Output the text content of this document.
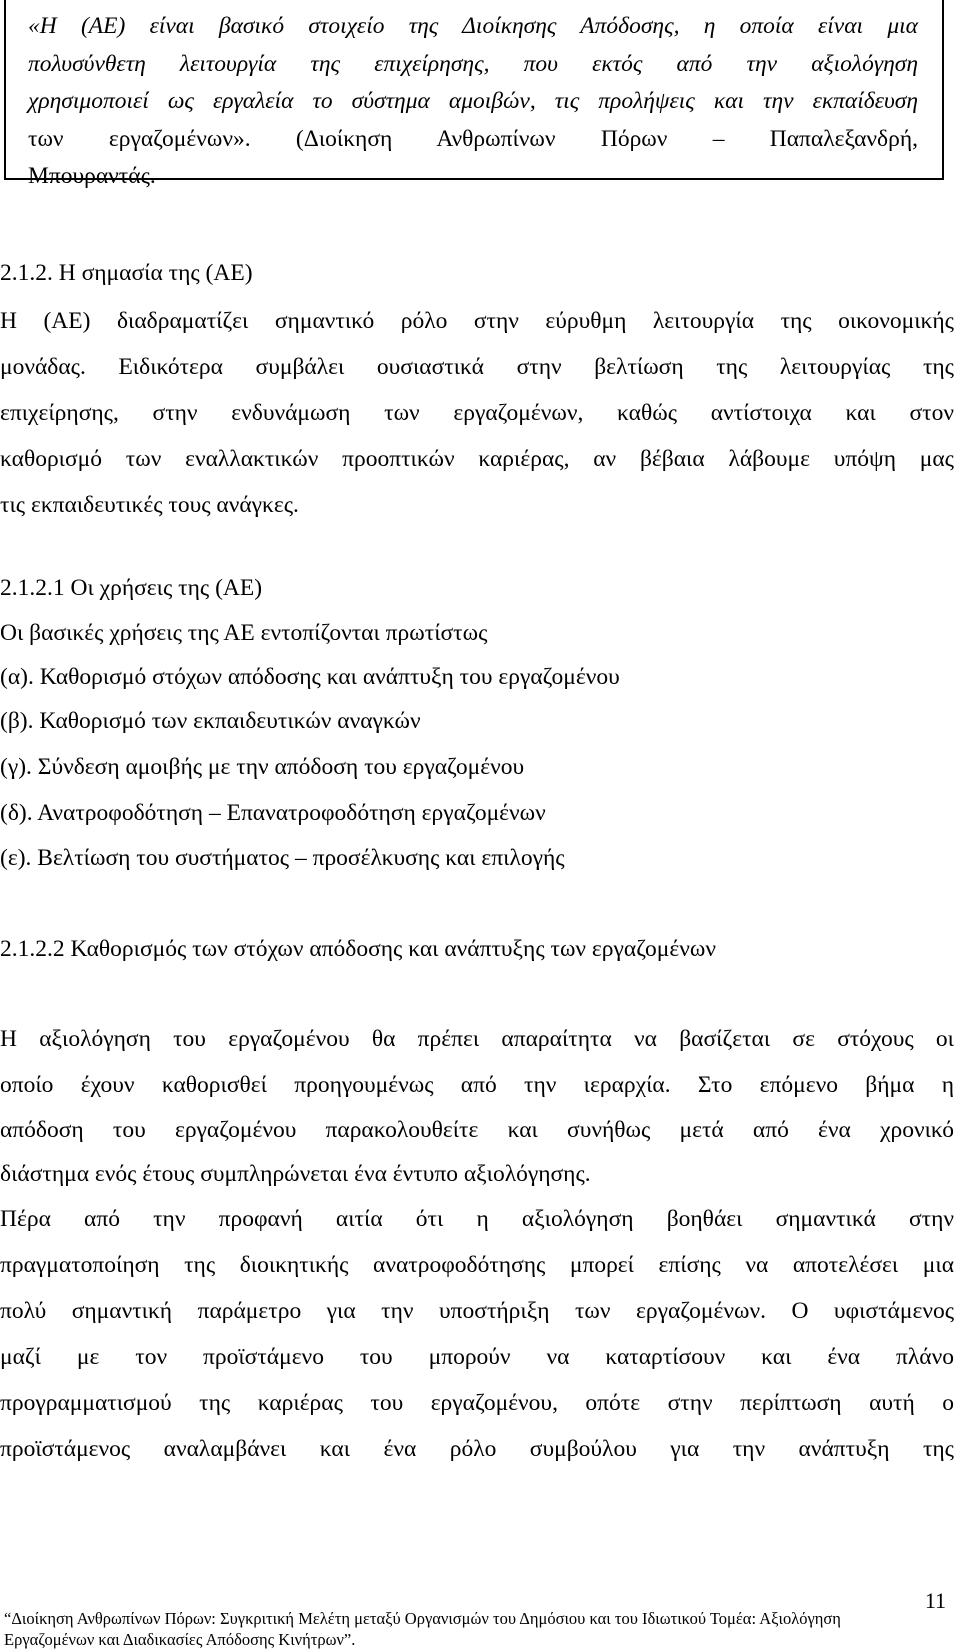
«Η (ΑΕ) είναι βασικό στοιχείο της Διοίκησης Απόδοσης, η οποία είναι μια
πολυσύνθετη λειτουργία της επιχείρησης, που εκτός από την αξιολόγηση
χρησιμοποιεί ως εργαλεία το σύστημα αμοιβών, τις προλήψεις και την εκπαίδευση
των εργαζομένων». (Διοίκηση Ανθρωπίνων Πόρων – Παπαλεξανδρή,
Μπουραντάς.
2.1.2. Η σημασία της (ΑΕ)
Η (ΑΕ) διαδραματίζει σημαντικό ρόλο στην εύρυθμη λειτουργία της οικονομικής
μονάδας. Ειδικότερα συμβάλει ουσιαστικά στην βελτίωση της λειτουργίας της
επιχείρησης, στην ενδυνάμωση των εργαζομένων, καθώς αντίστοιχα και στον
καθορισμό των εναλλακτικών προοπτικών καριέρας, αν βέβαια λάβουμε υπόψη μας
τις εκπαιδευτικές τους ανάγκες.
2.1.2.1 Οι χρήσεις της (ΑΕ)
Οι βασικές χρήσεις της ΑΕ εντοπίζονται πρωτίστως
(α). Καθορισμό στόχων απόδοσης και ανάπτυξη του εργαζομένου
(β). Καθορισμό των εκπαιδευτικών αναγκών
(γ). Σύνδεση αμοιβής με την απόδοση του εργαζομένου
(δ). Ανατροφοδότηση – Επανατροφοδότηση εργαζομένων
(ε). Βελτίωση του συστήματος – προσέλκυσης και επιλογής
2.1.2.2 Καθορισμός των στόχων απόδοσης και ανάπτυξης των εργαζομένων
Η αξιολόγηση του εργαζομένου θα πρέπει απαραίτητα να βασίζεται σε στόχους οι
οποίο έχουν καθορισθεί προηγουμένως από την ιεραρχία. Στο επόμενο βήμα η
απόδοση του εργαζομένου παρακολουθείτε και συνήθως μετά από ένα χρονικό
διάστημα ενός έτους συμπληρώνεται ένα έντυπο αξιολόγησης.
Πέρα από την προφανή αιτία ότι η αξιολόγηση βοηθάει σημαντικά στην
πραγματοποίηση της διοικητικής ανατροφοδότησης μπορεί επίσης να αποτελέσει μια
πολύ σημαντική παράμετρο για την υποστήριξη των εργαζομένων. Ο υφιστάμενος
μαζί με τον προϊστάμενο του μπορούν να καταρτίσουν και ένα πλάνο
προγραμματισμού της καριέρας του εργαζομένου, οπότε στην περίπτωση αυτή ο
προϊστάμενος αναλαμβάνει και ένα ρόλο συμβούλου για την ανάπτυξη της
11
“Διοίκηση Ανθρωπίνων Πόρων: Συγκριτική Μελέτη μεταξύ Οργανισμών του Δημόσιου και του Ιδιωτικού Τομέα: Αξιολόγηση
Εργαζομένων και Διαδικασίες Απόδοσης Κινήτρων”.
